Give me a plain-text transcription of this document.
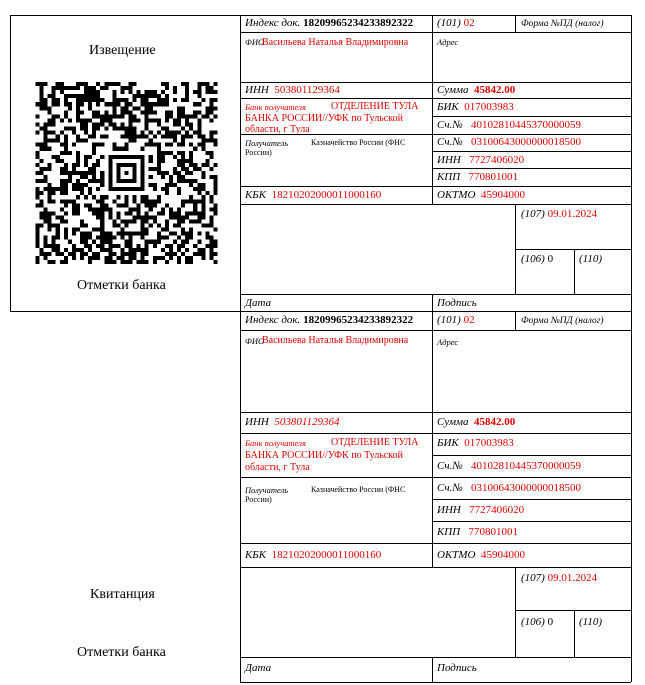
Извещение
Отметки банка
Индекс док. 18209965234233892322 (101) 02	Форма №ПД (налог)
ФИО
Васильева Наталья Владимировна	Адрес
ИНН 503801129364	Сумма 45842.00
Банк получателя	ОТДЕЛЕНИЕ ТУЛА БАНКА РОССИИ//УФК по Тульской области, г Тула
БИК 017003983
Сч.№ 40102810445370000059
Получатель	Казначейство России (ФНС России)
Сч.№ 03100643000000018500
ИНН 7727406020
КПП 770801001
КБК 18210202000011000160	ОКТМО 45904000
(107) 09.01.2024
(106) 0 (110)
Дата	Подпись
Квитанция
Отметки банка
Индекс док. 18209965234233892322 (101) 02	Форма №ПД (налог)
ФИО
Васильева Наталья Владимировна	Адрес
ИНН 503801129364	Сумма 45842.00
Банк получателя	ОТДЕЛЕНИЕ ТУЛА БАНКА РОССИИ//УФК по Тульской области, г Тула
БИК 017003983
Сч.№ 40102810445370000059
Получатель	Казначейство России (ФНС России)
Сч.№ 03100643000000018500
ИНН 7727406020
КПП 770801001
КБК 18210202000011000160	ОКТМО 45904000
(107) 09.01.2024
(106) 0 (110)
Дата	Подпись
